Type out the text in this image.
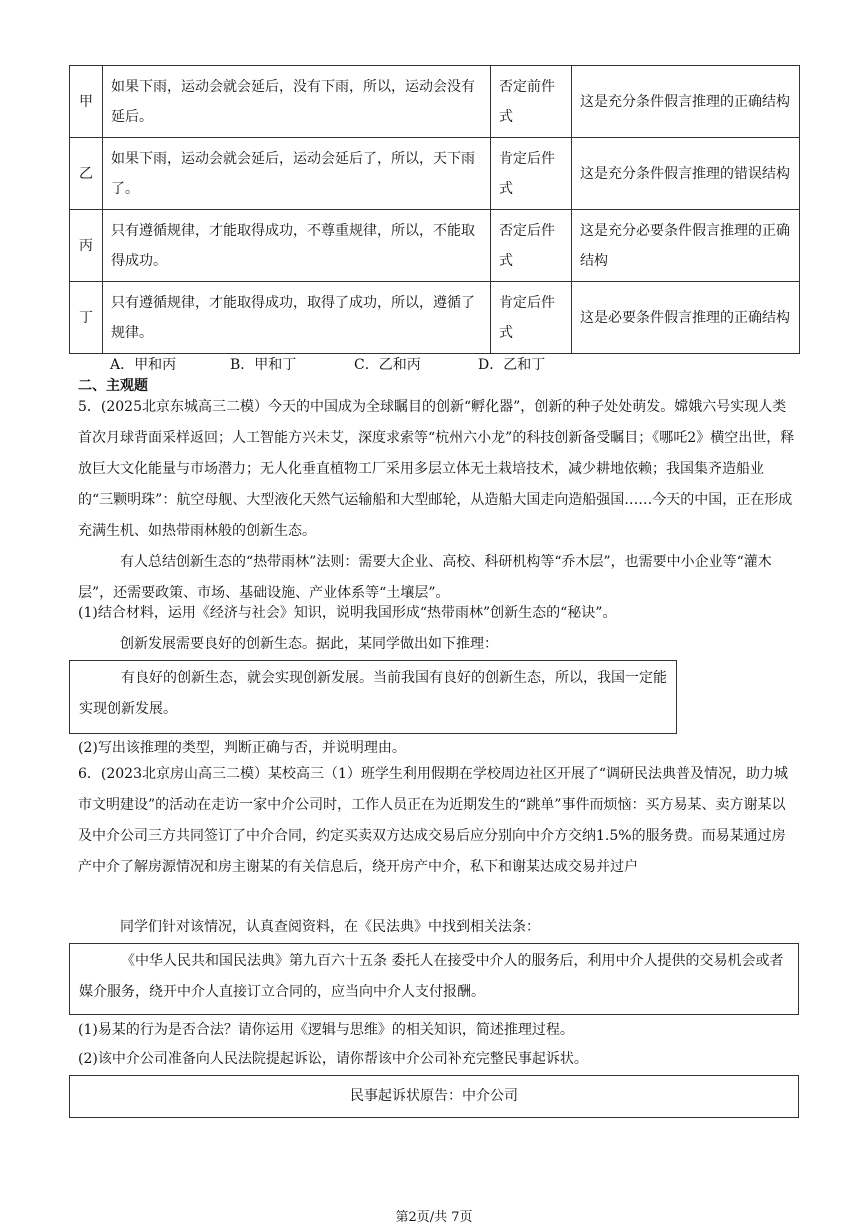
甲	如果下雨，运动会就会延后，没有下雨，所以，运动会没有延后。	否定前件式	这是充分条件假言推理的正确结构
乙	如果下雨，运动会就会延后，运动会延后了，所以，天下雨了。	肯定后件式	这是充分条件假言推理的错误结构
丙	只有遵循规律，才能取得成功，不尊重规律，所以，不能取得成功。	否定后件式	这是充分必要条件假言推理的正确结构
丁	只有遵循规律，才能取得成功，取得了成功，所以，遵循了规律。	肯定后件式	这是必要条件假言推理的正确结构
A．甲和丙	B．甲和丁	C．乙和丙	D．乙和丁
二、主观题
5．(2025北京东城高三二模）今天的中国成为全球瞩目的创新“孵化器”，创新的种子处处萌发。嫦娥六号实现人类首次月球背面采样返回；人工智能方兴未艾，深度求索等“杭州六小龙”的科技创新备受瞩目；《哪吒2》横空出世，释放巨大文化能量与市场潜力；无人化垂直植物工厂采用多层立体无土栽培技术，减少耕地依赖；我国集齐造船业的“三颗明珠”：航空母舰、大型液化天然气运输船和大型邮轮，从造船大国走向造船强国……今天的中国，正在形成充满生机、如热带雨林般的创新生态。
有人总结创新生态的“热带雨林”法则：需要大企业、高校、科研机构等“乔木层”，也需要中小企业等“灌木层”，还需要政策、市场、基础设施、产业体系等“土壤层”。
(1)结合材料，运用《经济与社会》知识，说明我国形成“热带雨林”创新生态的“秘诀”。
创新发展需要良好的创新生态。据此，某同学做出如下推理：
有良好的创新生态，就会实现创新发展。当前我国有良好的创新生态，所以，我国一定能实现创新发展。
(2)写出该推理的类型，判断正确与否，并说明理由。
6．(2023北京房山高三二模）某校高三（1）班学生利用假期在学校周边社区开展了“调研民法典普及情况，助力城市文明建设”的活动在走访一家中介公司时，工作人员正在为近期发生的“跳单”事件而烦恼：买方易某、卖方谢某以及中介公司三方共同签订了中介合同，约定买卖双方达成交易后应分别向中介方交纳1.5%的服务费。而易某通过房产中介了解房源情况和房主谢某的有关信息后，绕开房产中介，私下和谢某达成交易并过户
同学们针对该情况，认真查阅资料，在《民法典》中找到相关法条：
《中华人民共和国民法典》第九百六十五条 委托人在接受中介人的服务后，利用中介人提供的交易机会或者媒介服务，绕开中介人直接订立合同的，应当向中介人支付报酬。
(1)易某的行为是否合法？请你运用《逻辑与思维》的相关知识，简述推理过程。
(2)该中介公司准备向人民法院提起诉讼，请你帮该中介公司补充完整民事起诉状。
民事起诉状原告：中介公司
第2页/共 7页
